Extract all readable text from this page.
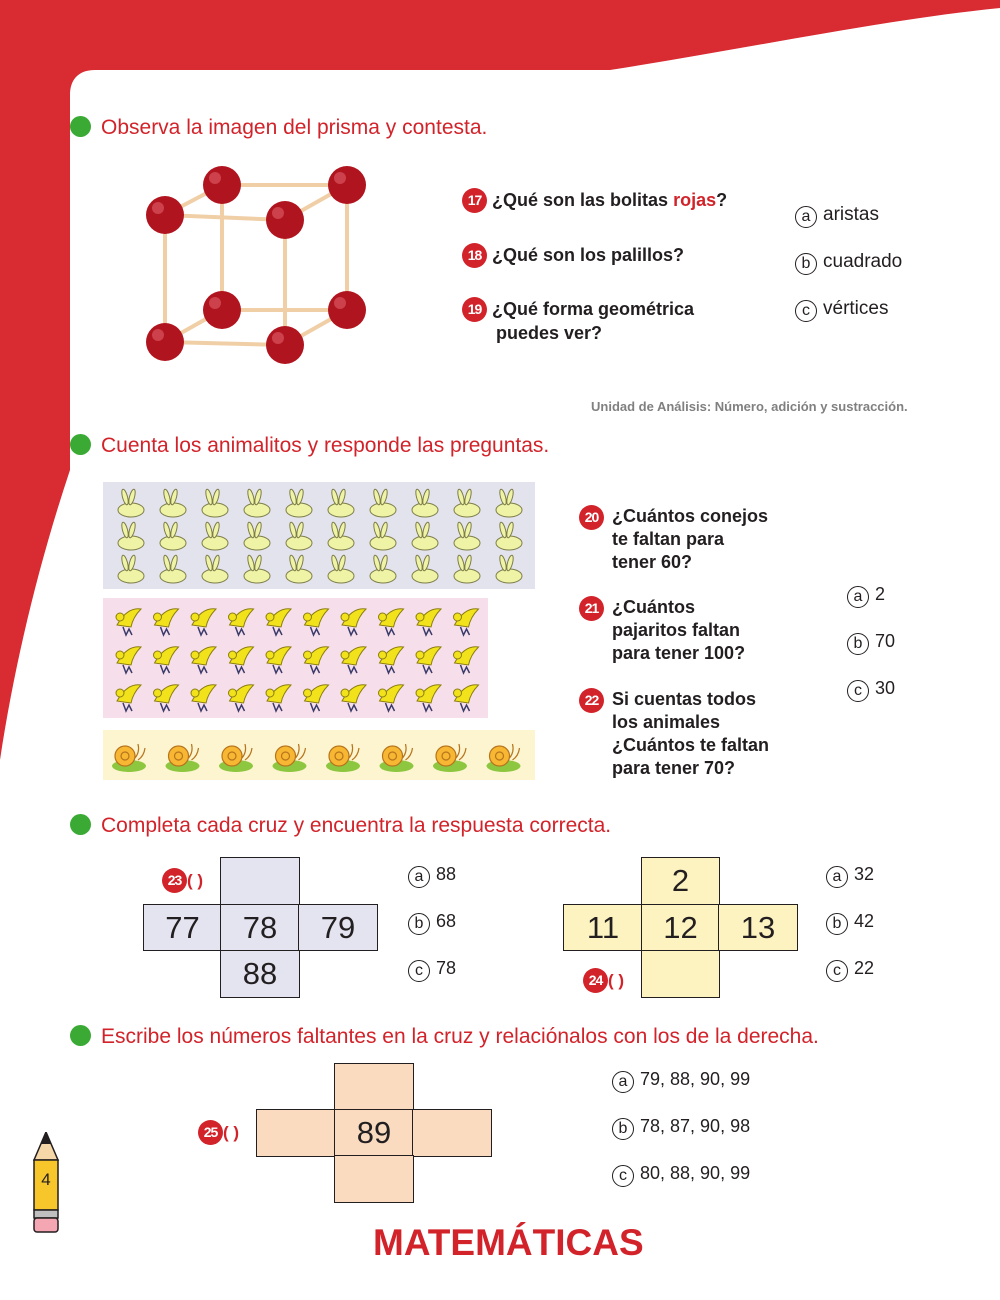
Observa la imagen del prisma y contesta.
17 ¿Qué son las bolitas rojas?
18 ¿Qué son los palillos?
19 ¿Qué forma geométrica
puedes ver?
a aristas
b cuadrado
c vértices
Unidad de Análisis: Número, adición y sustracción.
Cuenta los animalitos y responde las preguntas.
20 ¿Cuántos conejos
te faltan para
tener 60?
21 ¿Cuántos
pajaritos faltan
para tener 100?
22 Si cuentas todos
los animales
¿Cuántos te faltan
para tener 70?
a 2
b 70
c 30
Completa cada cruz y encuentra la respuesta correcta.
23 ( )
77	78	79
88
a 88
b 68
c 78
2
11	12	13
24 ( )
a 32
b 42
c 22
Escribe los números faltantes en la cruz y relaciónalos con los de la derecha.
25 ( )	89
a 79, 88, 90, 99
b 78, 87, 90, 98
c 80, 88, 90, 99
4
MATEMÁTICAS
